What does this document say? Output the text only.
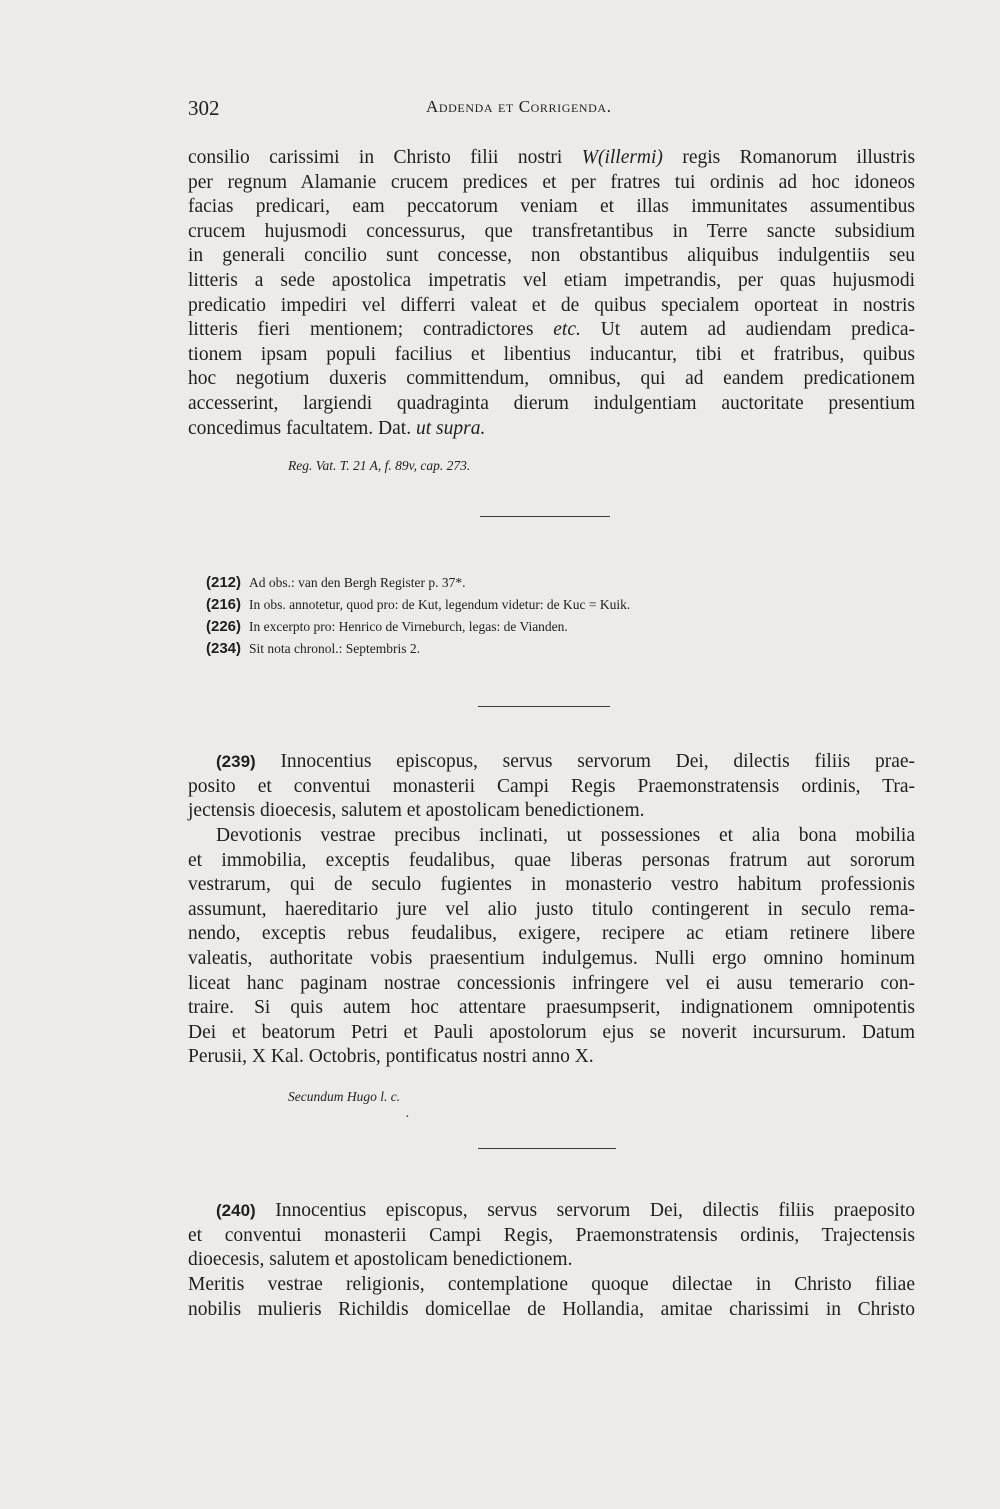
302	Addenda et Corrigenda.
consilio carissimi in Christo filii nostri W(illermi) regis Romanorum illustris
per regnum Alamanie crucem predices et per fratres tui ordinis ad hoc idoneos
facias predicari, eam peccatorum veniam et illas immunitates assumentibus
crucem hujusmodi concessurus, que transfretantibus in Terre sancte subsidium
in generali concilio sunt concesse, non obstantibus aliquibus indulgentiis seu
litteris a sede apostolica impetratis vel etiam impetrandis, per quas hujusmodi
predicatio impediri vel differri valeat et de quibus specialem oporteat in nostris
litteris fieri mentionem; contradictores etc. Ut autem ad audiendam predica-
tionem ipsam populi facilius et libentius inducantur, tibi et fratribus, quibus
hoc negotium duxeris committendum, omnibus, qui ad eandem predicationem
accesserint, largiendi quadraginta dierum indulgentiam auctoritate presentium
concedimus facultatem. Dat. ut supra.
Reg. Vat. T. 21 A, f. 89v, cap. 273.
(212) Ad obs.: van den Bergh Register p. 37*.
(216) In obs. annotetur, quod pro: de Kut, legendum videtur: de Kuc = Kuik.
(226) In excerpto pro: Henrico de Virneburch, legas: de Vianden.
(234) Sit nota chronol.: Septembris 2.
(239) Innocentius episcopus, servus servorum Dei, dilectis filiis prae-
posito et conventui monasterii Campi Regis Praemonstratensis ordinis, Tra-
jectensis dioecesis, salutem et apostolicam benedictionem.
Devotionis vestrae precibus inclinati, ut possessiones et alia bona mobilia
et immobilia, exceptis feudalibus, quae liberas personas fratrum aut sororum
vestrarum, qui de seculo fugientes in monasterio vestro habitum professionis
assumunt, haereditario jure vel alio justo titulo contingerent in seculo rema-
nendo, exceptis rebus feudalibus, exigere, recipere ac etiam retinere libere
valeatis, authoritate vobis praesentium indulgemus. Nulli ergo omnino hominum
liceat hanc paginam nostrae concessionis infringere vel ei ausu temerario con-
traire. Si quis autem hoc attentare praesumpserit, indignationem omnipotentis
Dei et beatorum Petri et Pauli apostolorum ejus se noverit incursurum. Datum
Perusii, X Kal. Octobris, pontificatus nostri anno X.
Secundum Hugo l. c.
·
(240) Innocentius episcopus, servus servorum Dei, dilectis filiis praeposito
et conventui monasterii Campi Regis, Praemonstratensis ordinis, Trajectensis
dioecesis, salutem et apostolicam benedictionem.
Meritis vestrae religionis, contemplatione quoque dilectae in Christo filiae
nobilis mulieris Richildis domicellae de Hollandia, amitae charissimi in Christo
